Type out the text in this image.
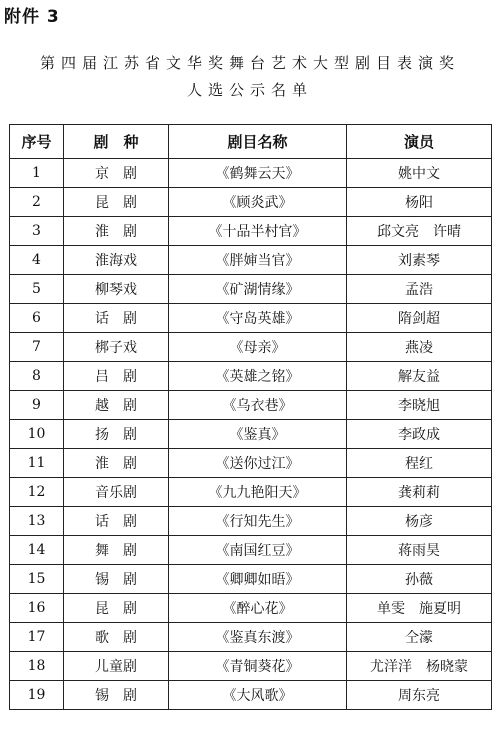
附件 3
第四届江苏省文华奖舞台艺术大型剧目表演奖
人选公示名单
序号	剧　种	剧目名称	演员
1	京　剧	《鹤舞云天》	姚中文
2	昆　剧	《顾炎武》	杨阳
3	淮　剧	《十品半村官》	邱文亮　许晴
4	淮海戏	《胖婶当官》	刘素琴
5	柳琴戏	《矿湖情缘》	孟浩
6	话　剧	《守岛英雄》	隋剑超
7	梆子戏	《母亲》	燕凌
8	吕　剧	《英雄之铭》	解友益
9	越　剧	《乌衣巷》	李晓旭
10	扬　剧	《鉴真》	李政成
11	淮　剧	《送你过江》	程红
12	音乐剧	《九九艳阳天》	龚莉莉
13	话　剧	《行知先生》	杨彦
14	舞　剧	《南国红豆》	蒋雨昊
15	锡　剧	《卿卿如晤》	孙薇
16	昆　剧	《醉心花》	单雯　施夏明
17	歌　剧	《鉴真东渡》	仝濛
18	儿童剧	《青铜葵花》	尤洋洋　杨晓蒙
19	锡　剧	《大风歌》	周东亮
